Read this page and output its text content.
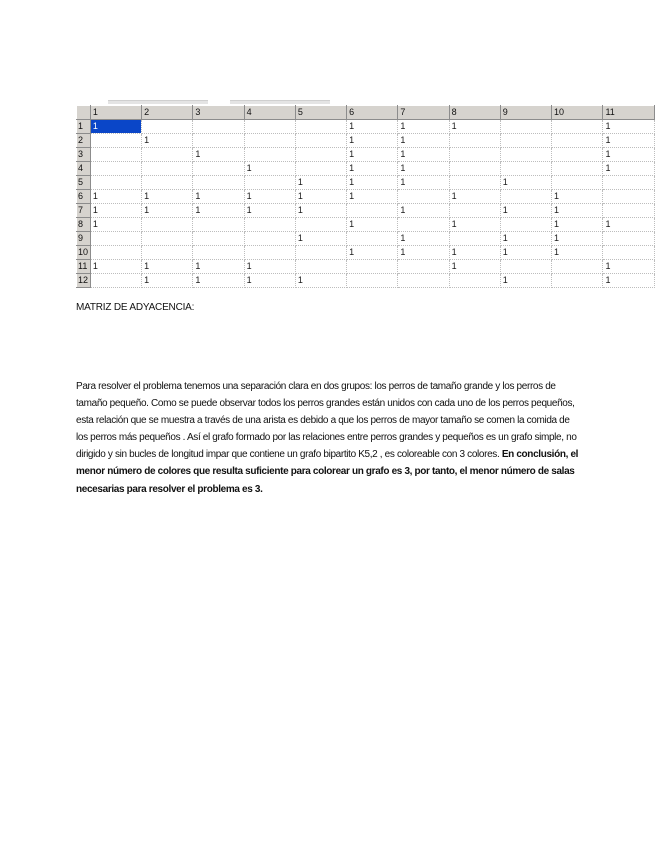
	1	2	3	4	5	6	7	8	9	10	11
1	1					1	1	1			1
2		1				1	1				1
3			1			1	1				1
4				1		1	1				1
5					1	1	1		1		
6	1	1	1	1	1	1		1		1	
7	1	1	1	1	1		1		1	1	
8	1					1		1		1	1
9					1		1		1	1	
10						1	1	1	1	1	
11	1	1	1	1				1			1
12		1	1	1	1				1		1
MATRIZ DE ADYACENCIA:
Para resolver el problema tenemos una separación clara en dos grupos: los perros de tamaño grande y los perros de tamaño pequeño. Como se puede observar todos los perros grandes están unidos con cada uno de los perros pequeños, esta relación que se muestra a través de una arista es debido a que los perros de mayor tamaño se comen la comida de los perros más pequeños . Así el grafo formado por las relaciones entre perros grandes y pequeños es un grafo simple, no dirigido y sin bucles de longitud impar que contiene un grafo bipartito K5,2 , es coloreable con 3 colores. En conclusión, el menor número de colores que resulta suficiente para colorear un grafo es 3, por tanto, el menor número de salas necesarias para resolver el problema es 3.
